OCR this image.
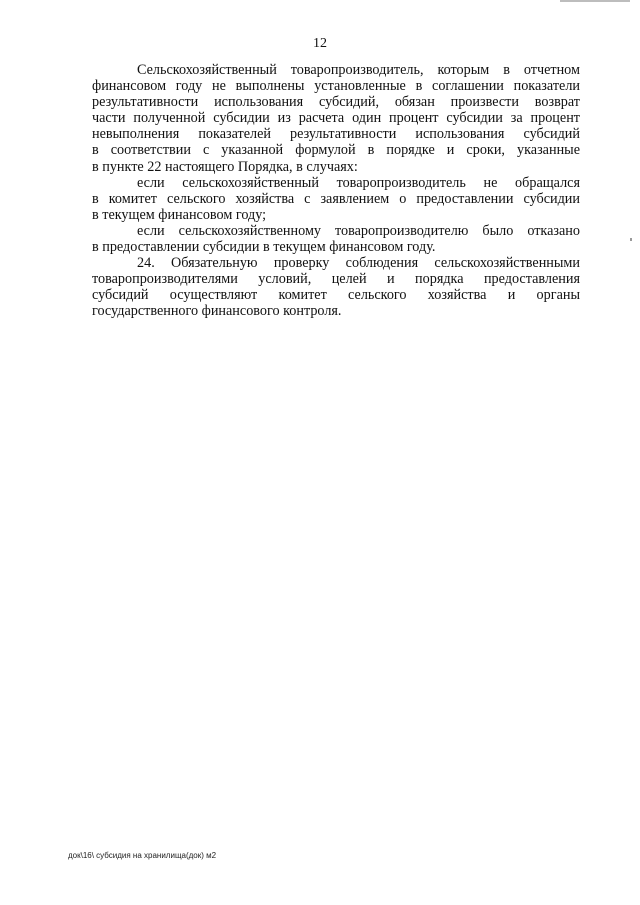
12
Сельскохозяйственный товаропроизводитель, которым в отчетном
финансовом году не выполнены установленные в соглашении показатели
результативности использования субсидий, обязан произвести возврат
части полученной субсидии из расчета один процент субсидии за процент
невыполнения показателей результативности использования субсидий
в соответствии с указанной формулой в порядке и сроки, указанные
в пункте 22 настоящего Порядка, в случаях:
если сельскохозяйственный товаропроизводитель не обращался
в комитет сельского хозяйства с заявлением о предоставлении субсидии
в текущем финансовом году;
если сельскохозяйственному товаропроизводителю было отказано
в предоставлении субсидии в текущем финансовом году.
24. Обязательную проверку соблюдения сельскохозяйственными
товаропроизводителями условий, целей и порядка предоставления
субсидий осуществляют комитет сельского хозяйства и органы
государственного финансового контроля.
док\16\ субсидия на хранилища(док) м2
